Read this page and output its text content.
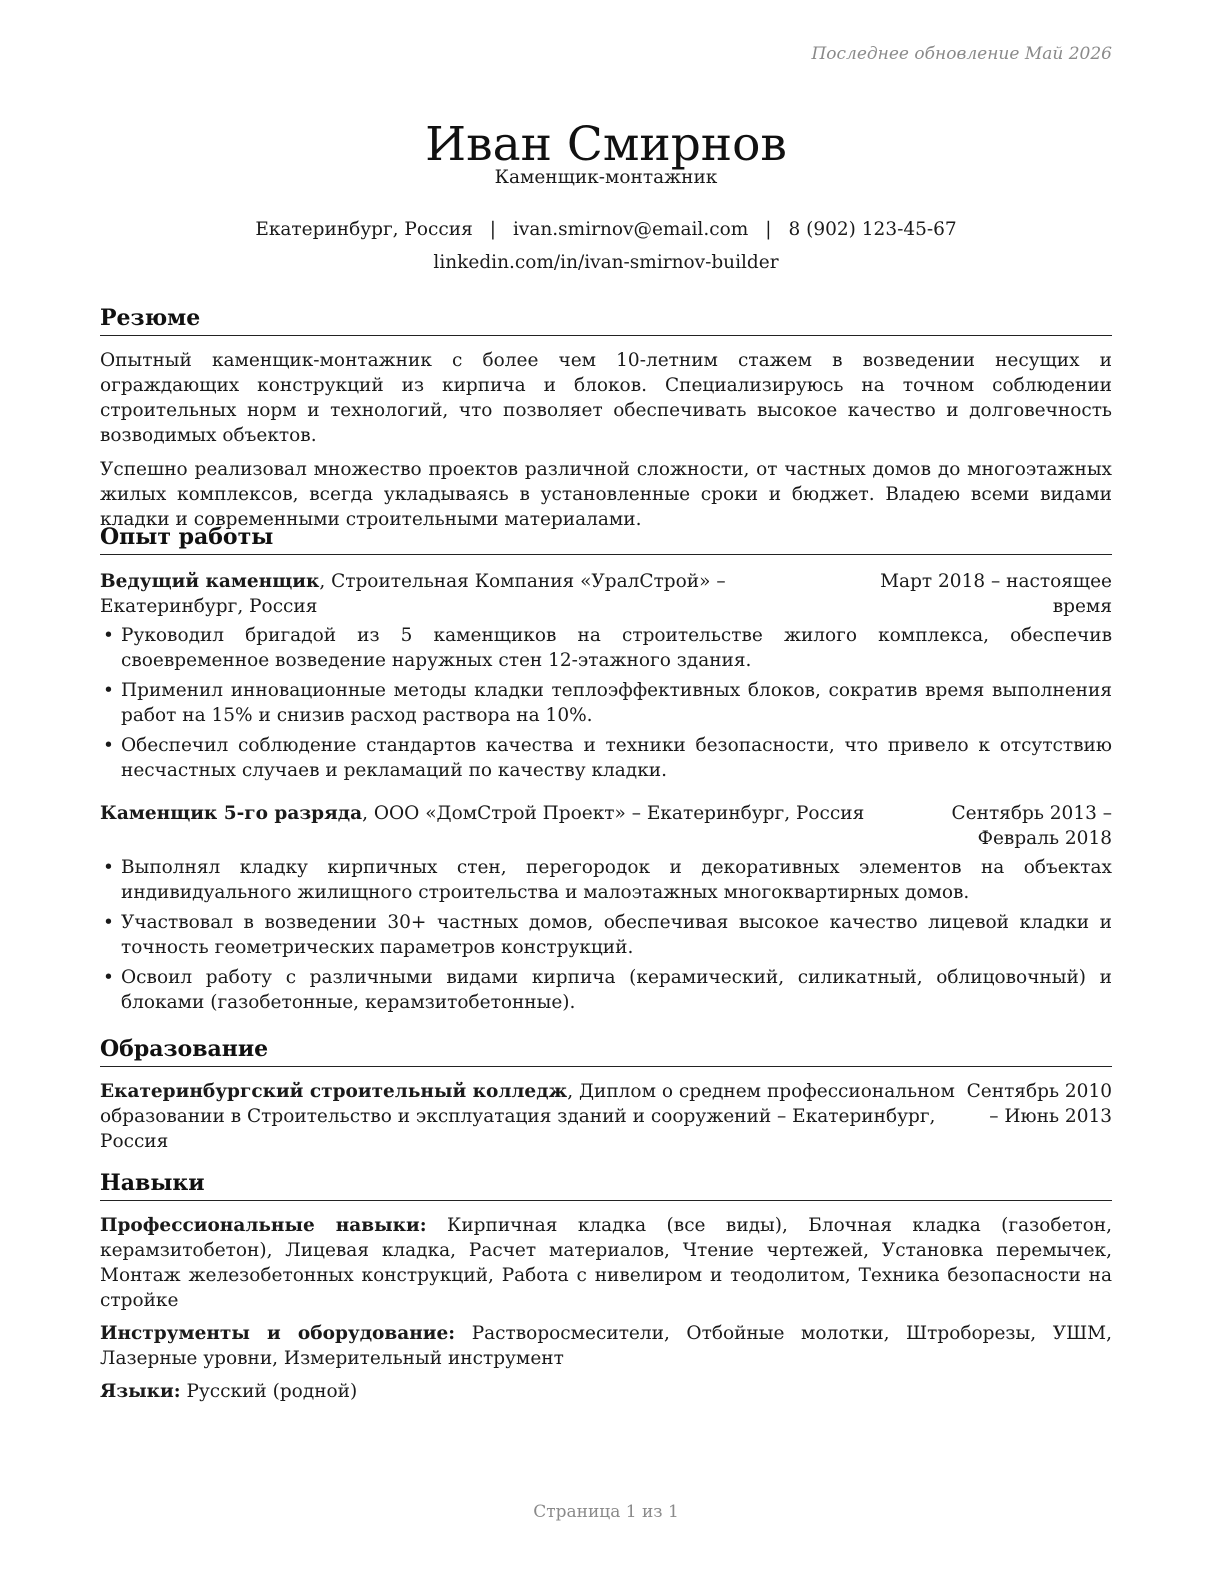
Последнее обновление Май 2026
Иван Смирнов
Каменщик-монтажник
Екатеринбург, Россия | ivan.smirnov@email.com | 8 (902) 123-45-67
linkedin.com/in/ivan-smirnov-builder
Резюме

Опытный каменщик-монтажник с более чем 10-летним стажем в возведении несущих и ограждающих конструкций из кирпича и блоков. Специализируюсь на точном соблюдении строительных норм и технологий, что позволяет обеспечивать высокое качество и долговечность возводимых объектов.

Успешно реализовал множество проектов различной сложности, от частных домов до многоэтажных жилых комплексов, всегда укладываясь в установленные сроки и бюджет. Владею всеми видами кладки и современными строительными материалами.

Опыт работы
Ведущий каменщик, Строительная Компания «УралСтрой» – Екатеринбург, Россия
Март 2018 – настоящее время
• Руководил бригадой из 5 каменщиков на строительстве жилого комплекса, обеспечив своевременное возведение наружных стен 12-этажного здания.
• Применил инновационные методы кладки теплоэффективных блоков, сократив время выполнения работ на 15% и снизив расход раствора на 10%.
• Обеспечил соблюдение стандартов качества и техники безопасности, что привело к отсутствию несчастных случаев и рекламаций по качеству кладки.
Каменщик 5-го разряда, ООО «ДомСтрой Проект» – Екатеринбург, Россия	Сентябрь 2013 – Февраль 2018
• Выполнял кладку кирпичных стен, перегородок и декоративных элементов на объектах индивидуального жилищного строительства и малоэтажных многоквартирных домов.
• Участвовал в возведении 30+ частных домов, обеспечивая высокое качество лицевой кладки и точность геометрических параметров конструкций.
• Освоил работу с различными видами кирпича (керамический, силикатный, облицовочный) и блоками (газобетонные, керамзитобетонные).
Образование
Екатеринбургский строительный колледж, Диплом о среднем профессиональном образовании в Строительство и эксплуатация зданий и сооружений – Екатеринбург, Россия
Сентябрь 2010 – Июнь 2013
Навыки

Профессиональные навыки: Кирпичная кладка (все виды), Блочная кладка (газобетон, керамзитобетон), Лицевая кладка, Расчет материалов, Чтение чертежей, Установка перемычек, Монтаж железобетонных конструкций, Работа с нивелиром и теодолитом, Техника безопасности на стройке

Инструменты и оборудование: Растворосмесители, Отбойные молотки, Штроборезы, УШМ, Лазерные уровни, Измерительный инструмент

Языки: Русский (родной)

Страница 1 из 1
